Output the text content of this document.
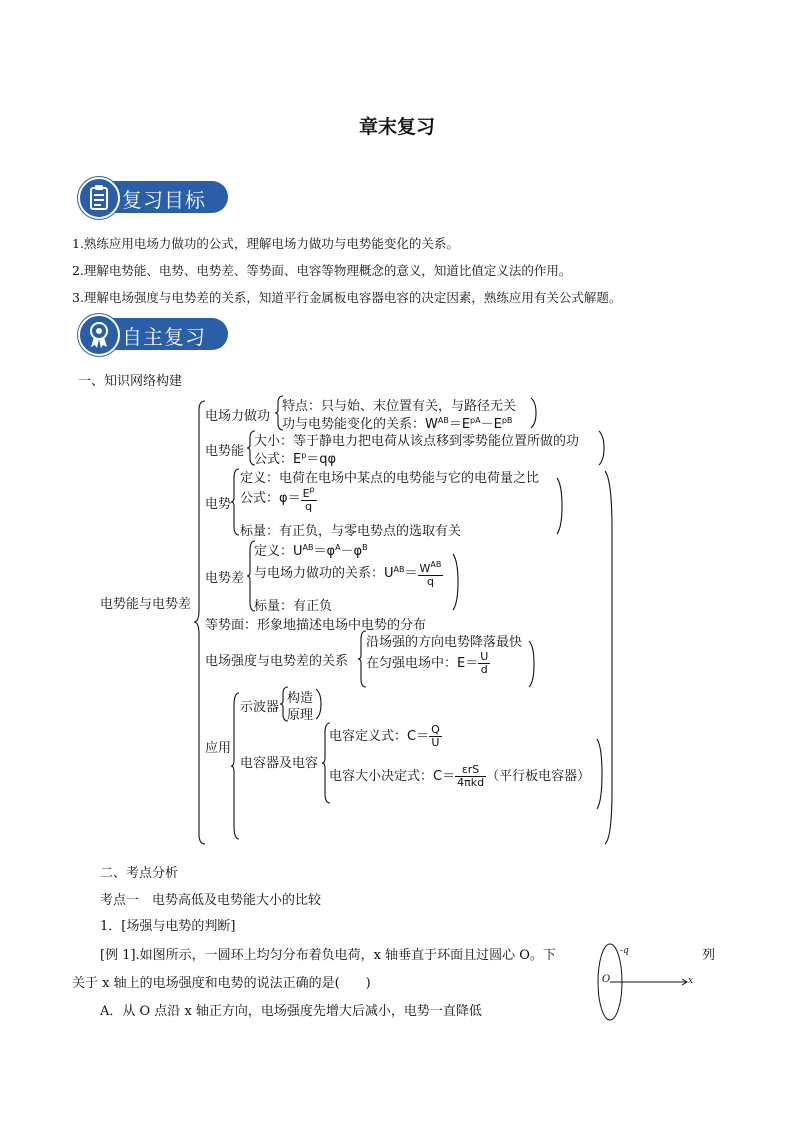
章末复习
复习目标
1.熟练应用电场力做功的公式，理解电场力做功与电势能变化的关系。
2.理解电势能、电势、电势差、等势面、电容等物理概念的意义，知道比值定义法的作用。
3.理解电场强度与电势差的关系，知道平行金属板电容器电容的决定因素，熟练应用有关公式解题。
自主复习
一、知识网络构建
电势能与电势差
电场力做功
特点：只与始、末位置有关，与路径无关
功与电势能变化的关系：$W^{AB}=E^{pA}-E^{pB}$
电势能
大小：等于静电力把电荷从该点移到零势能位置所做的功
公式：$E^p=q\varphi$
电势
定义：电荷在电场中某点的电势能与它的电荷量之比
公式：$\varphi= \frac{E^p}{q}$
标量：有正负，与零电势点的选取有关
电势差
定义：$U^{AB}=\varphi^A-\varphi^B$
与电场力做功的关系：$U^{AB}= \frac{W^{AB}}{q}$
标量：有正负
等势面：形象地描述电场中电势的分布
电场强度与电势差的关系
沿场强的方向电势降落最快
在匀强电场中：$E= \frac{U}{d}$
应用
示波器
构造
原理
电容器及电容
电容定义式：$C= \frac{Q}{U}$
电容大小决定式：$C= \frac{\text{εrS}}{\text{4πkd}}$ （平行板电容器）
二、考点分析
考点一　电势高低及电势能大小的比较
1．[场强与电势的判断]
[例 1].如图所示，一圆环上均匀分布着负电荷，x 轴垂直于环面且过圆心 O。下	列
关于 x 轴上的电场强度和电势的说法正确的是(　　)
A．从 O 点沿 x 轴正方向，电场强度先增大后减小，电势一直降低
-q
O	x
